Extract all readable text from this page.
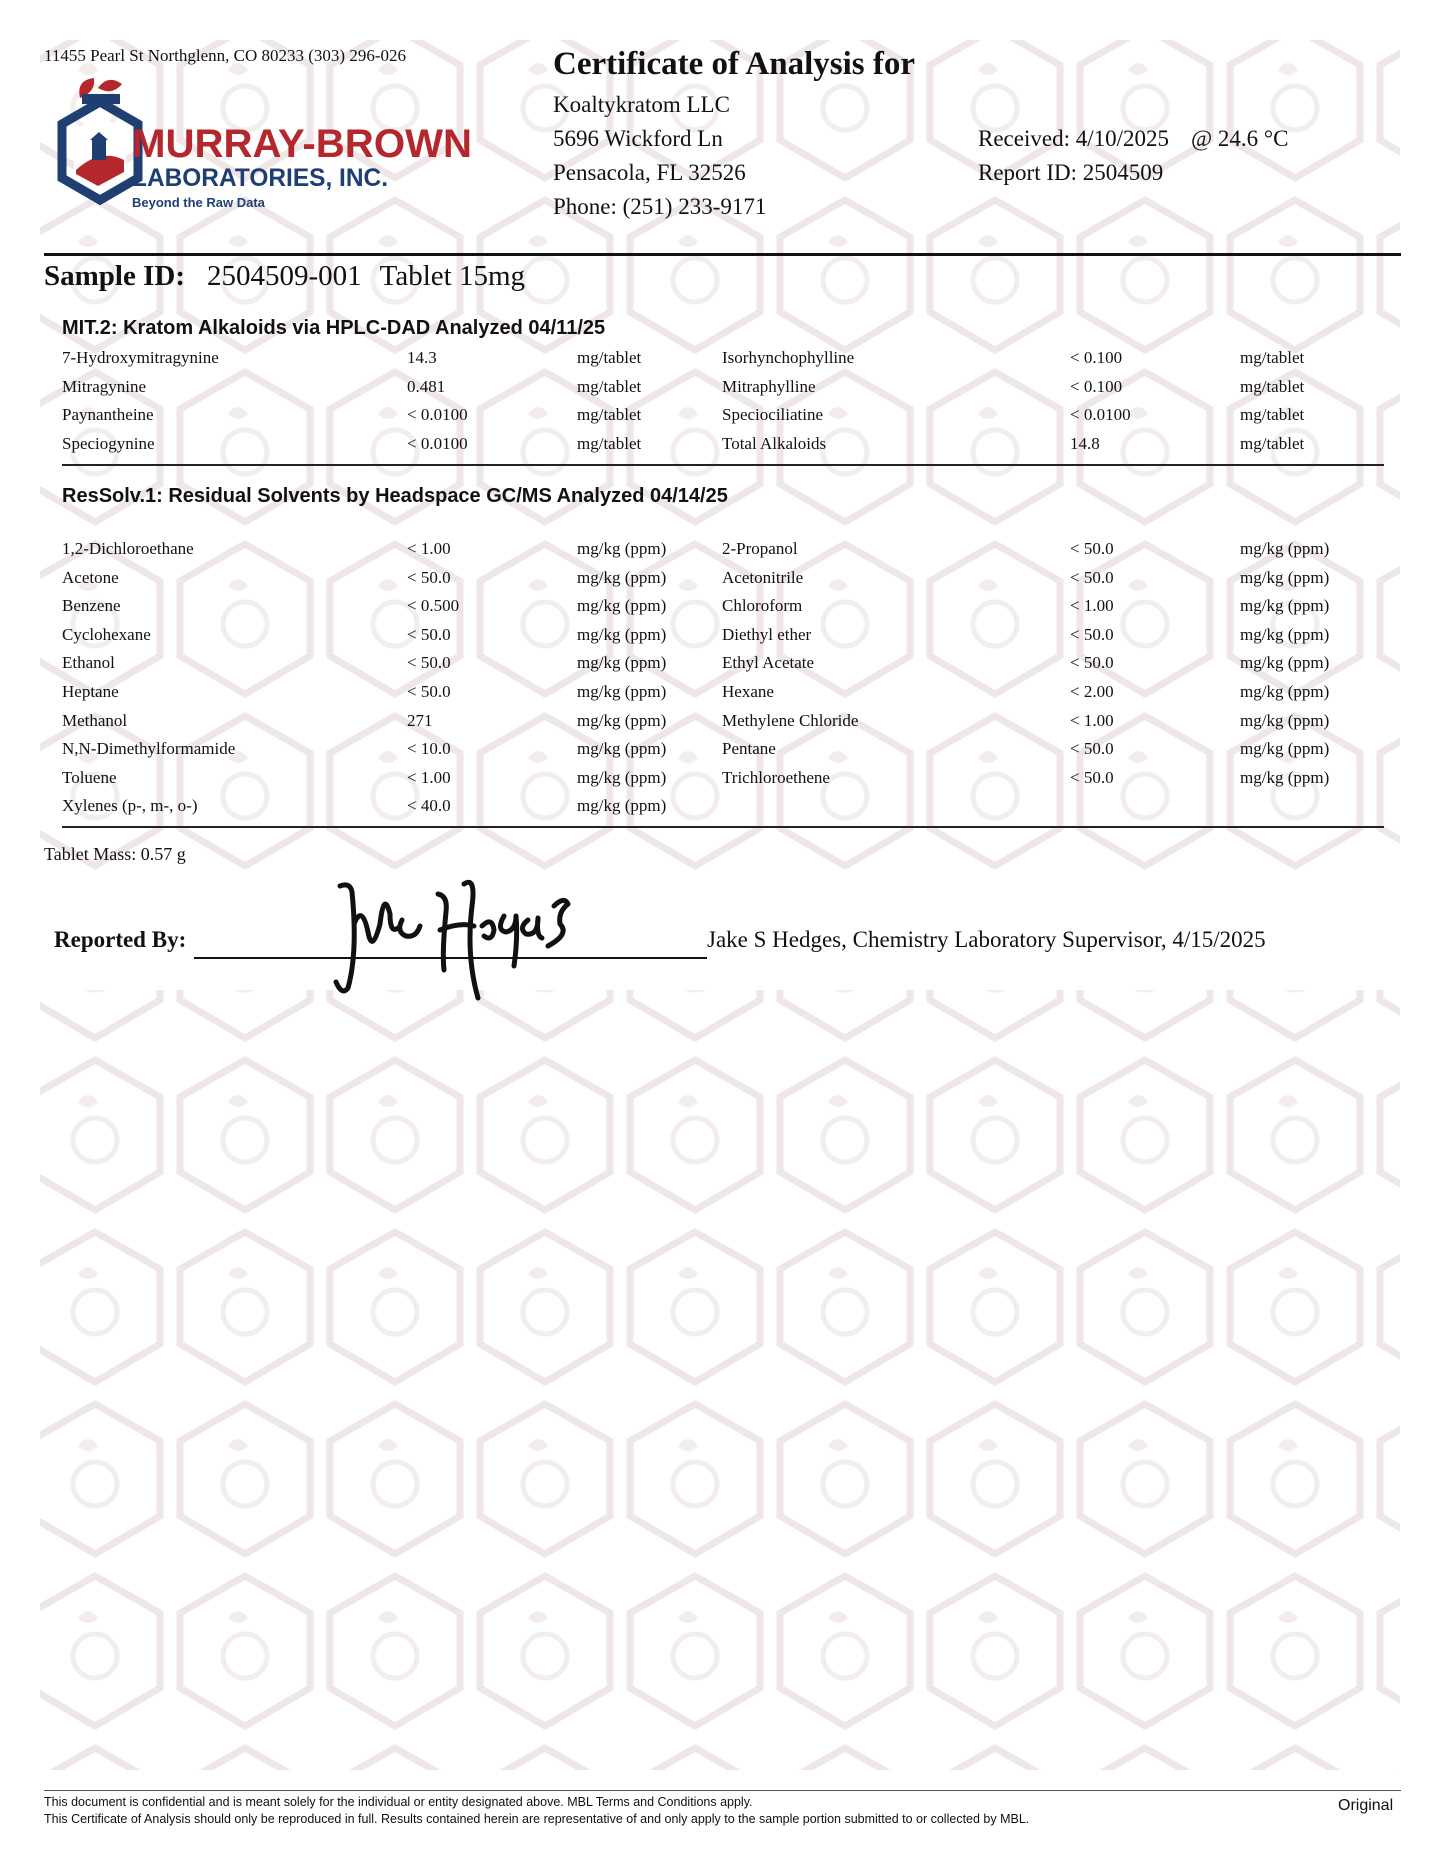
11455 Pearl St Northglenn, CO 80233 (303) 296-026
MURRAY-BROWN
LABORATORIES, INC.
Beyond the Raw Data
Certificate of Analysis for
Koaltykratom LLC
5696 Wickford Ln
Pensacola, FL 32526
Phone: (251) 233-9171
Received: 4/10/2025 @ 24.6 °C
Report ID: 2504509
Sample ID: 2504509-001 Tablet 15mg
MIT.2: Kratom Alkaloids via HPLC-DAD Analyzed 04/11/25
7-Hydroxymitragynine	14.3	mg/tablet	Isorhynchophylline	< 0.100	mg/tablet
Mitragynine	0.481	mg/tablet	Mitraphylline	< 0.100	mg/tablet
Paynantheine	< 0.0100	mg/tablet	Speciociliatine	< 0.0100	mg/tablet
Speciogynine	< 0.0100	mg/tablet	Total Alkaloids	14.8	mg/tablet
ResSolv.1: Residual Solvents by Headspace GC/MS Analyzed 04/14/25
1,2-Dichloroethane	< 1.00	mg/kg (ppm)	2-Propanol	< 50.0	mg/kg (ppm)
Acetone	< 50.0	mg/kg (ppm)	Acetonitrile	< 50.0	mg/kg (ppm)
Benzene	< 0.500	mg/kg (ppm)	Chloroform	< 1.00	mg/kg (ppm)
Cyclohexane	< 50.0	mg/kg (ppm)	Diethyl ether	< 50.0	mg/kg (ppm)
Ethanol	< 50.0	mg/kg (ppm)	Ethyl Acetate	< 50.0	mg/kg (ppm)
Heptane	< 50.0	mg/kg (ppm)	Hexane	< 2.00	mg/kg (ppm)
Methanol	271	mg/kg (ppm)	Methylene Chloride	< 1.00	mg/kg (ppm)
N,N-Dimethylformamide	< 10.0	mg/kg (ppm)	Pentane	< 50.0	mg/kg (ppm)
Toluene	< 1.00	mg/kg (ppm)	Trichloroethene	< 50.0	mg/kg (ppm)
Xylenes (p-, m-, o-)	< 40.0	mg/kg (ppm)			
Tablet Mass: 0.57 g
Reported By:	Jake S Hedges, Chemistry Laboratory Supervisor, 4/15/2025
This document is confidential and is meant solely for the individual or entity designated above. MBL Terms and Conditions apply.
This Certificate of Analysis should only be reproduced in full. Results contained herein are representative of and only apply to the sample portion submitted to or collected by MBL.
Original
